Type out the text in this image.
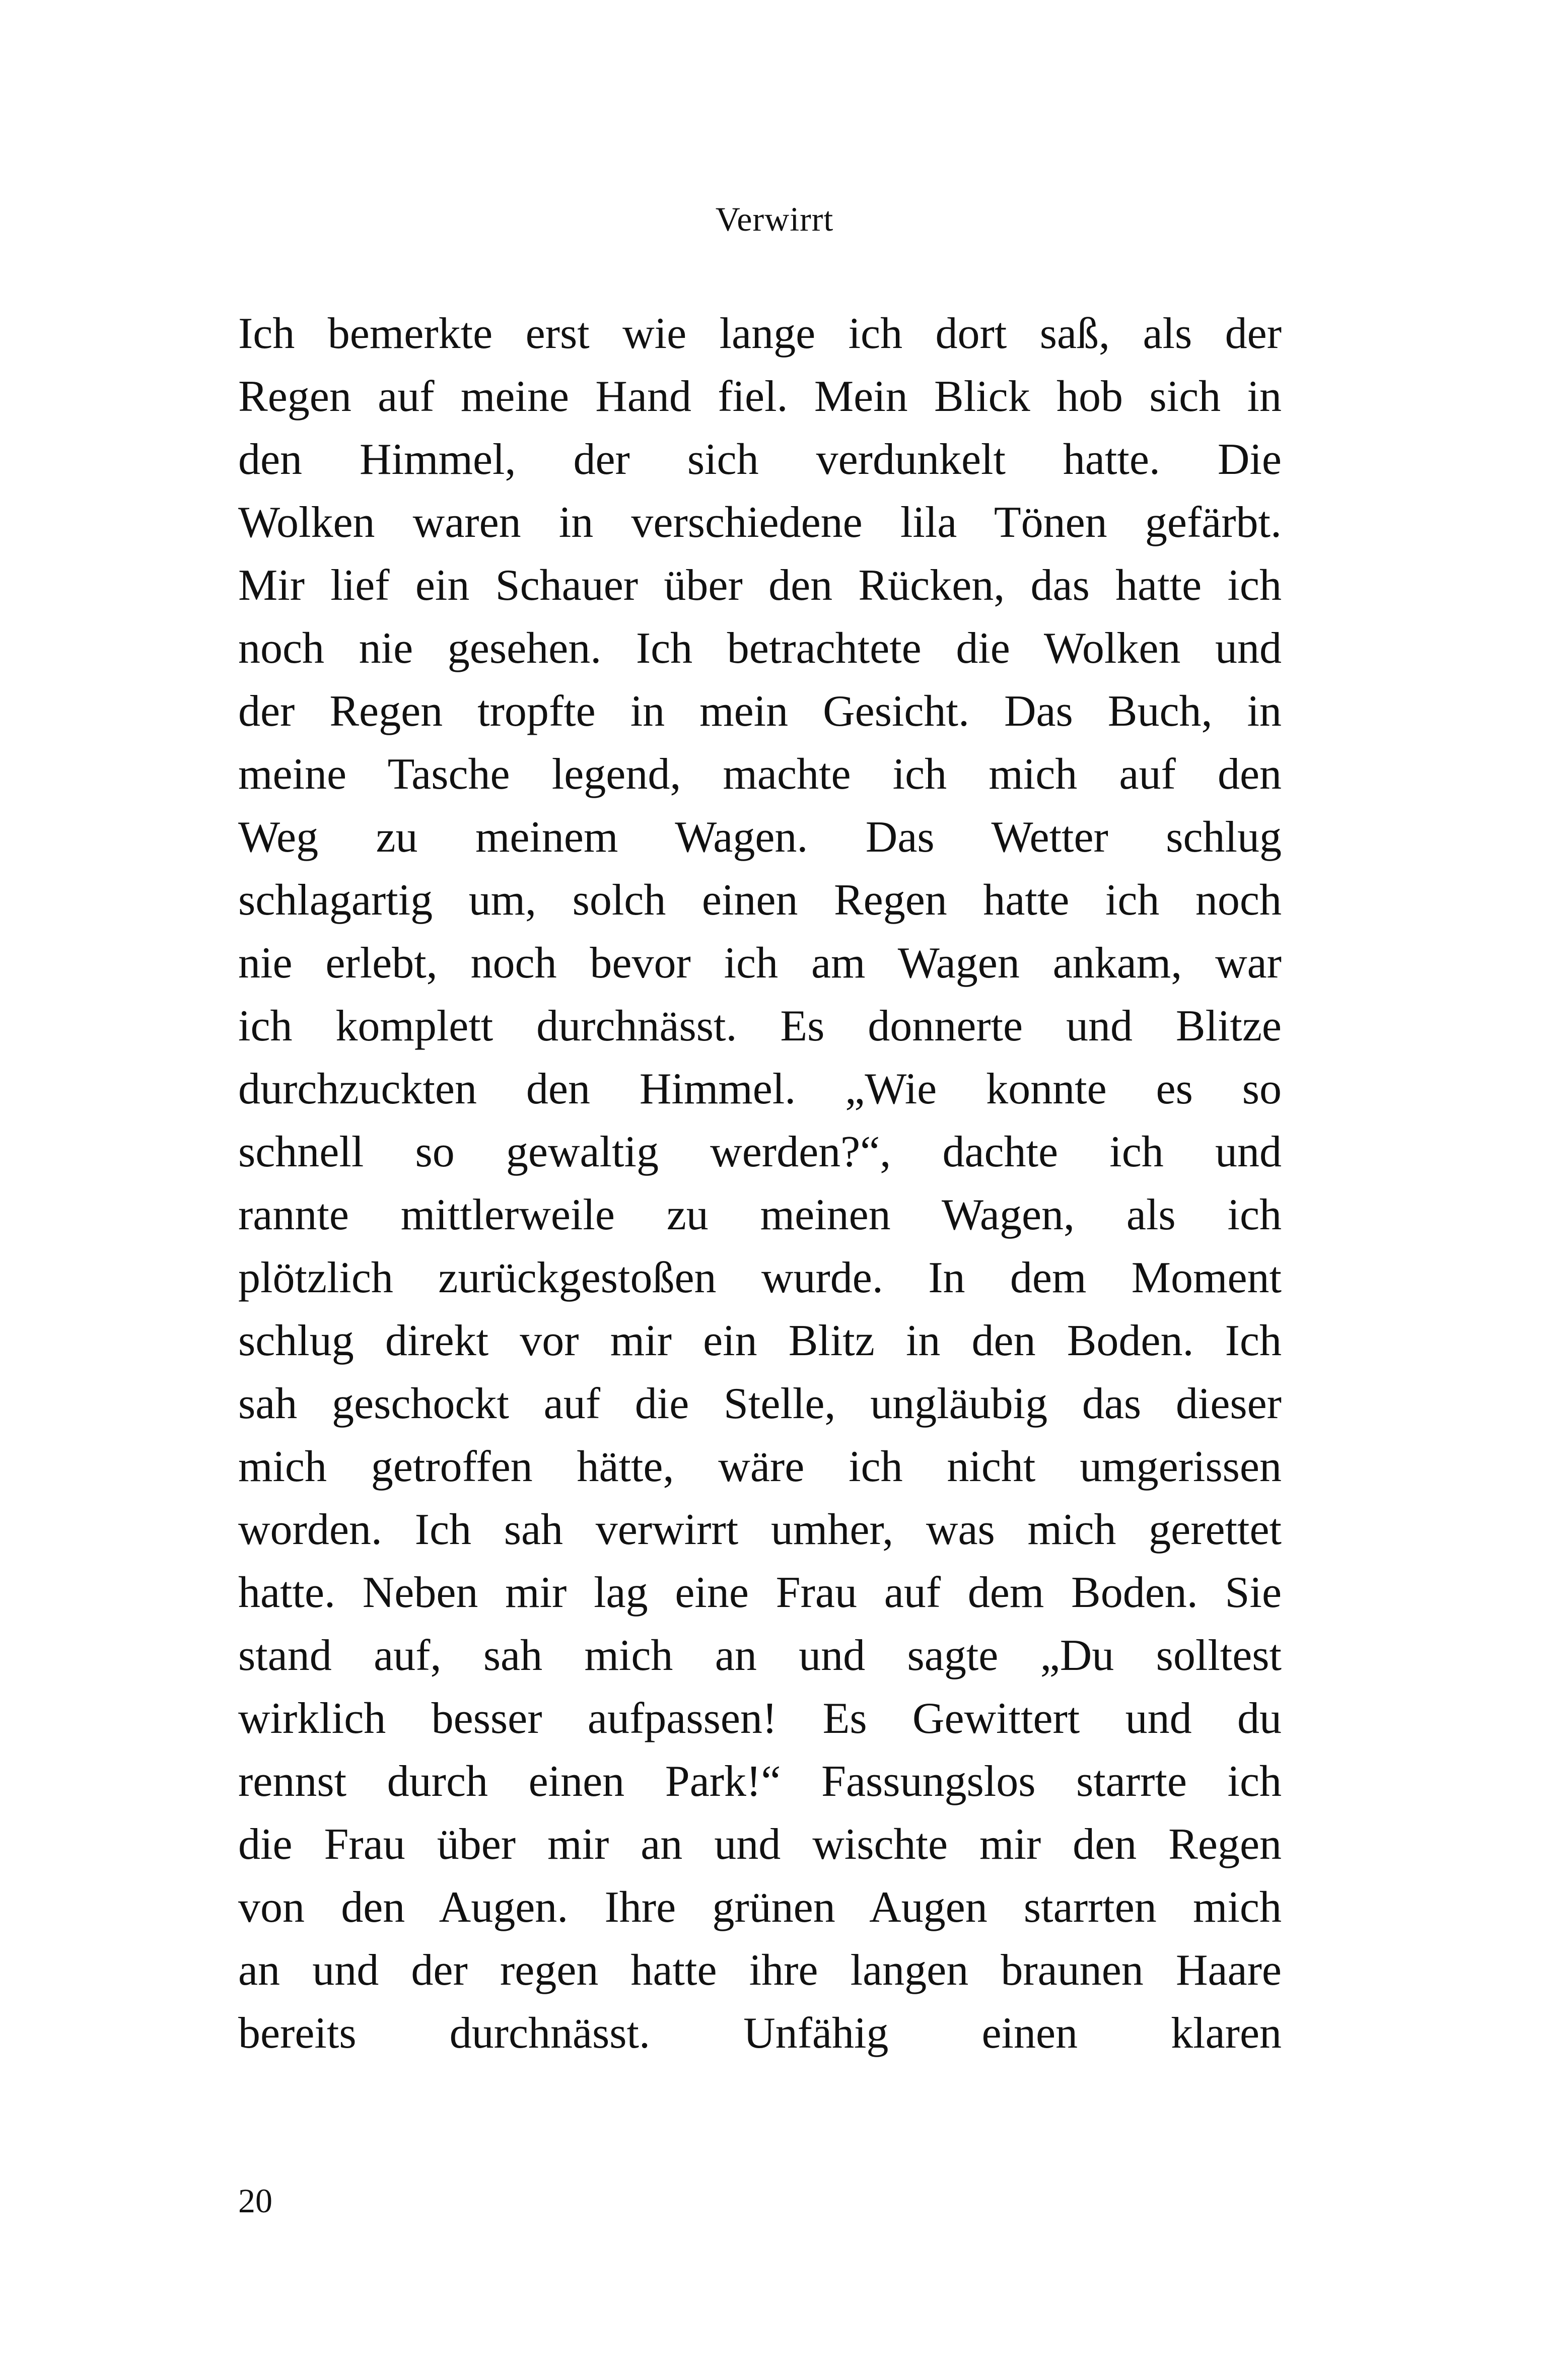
Verwirrt
Ich bemerkte erst wie lange ich dort saß, als der
Regen auf meine Hand fiel. Mein Blick hob sich in
den Himmel, der sich verdunkelt hatte. Die
Wolken waren in verschiedene lila Tönen gefärbt.
Mir lief ein Schauer über den Rücken, das hatte ich
noch nie gesehen. Ich betrachtete die Wolken und
der Regen tropfte in mein Gesicht. Das Buch, in
meine Tasche legend, machte ich mich auf den
Weg zu meinem Wagen. Das Wetter schlug
schlagartig um, solch einen Regen hatte ich noch
nie erlebt, noch bevor ich am Wagen ankam, war
ich komplett durchnässt. Es donnerte und Blitze
durchzuckten den Himmel. „Wie konnte es so
schnell so gewaltig werden?“, dachte ich und
rannte mittlerweile zu meinen Wagen, als ich
plötzlich zurückgestoßen wurde. In dem Moment
schlug direkt vor mir ein Blitz in den Boden. Ich
sah geschockt auf die Stelle, ungläubig das dieser
mich getroffen hätte, wäre ich nicht umgerissen
worden. Ich sah verwirrt umher, was mich gerettet
hatte. Neben mir lag eine Frau auf dem Boden. Sie
stand auf, sah mich an und sagte „Du solltest
wirklich besser aufpassen! Es Gewittert und du
rennst durch einen Park!“ Fassungslos starrte ich
die Frau über mir an und wischte mir den Regen
von den Augen. Ihre grünen Augen starrten mich
an und der regen hatte ihre langen braunen Haare
bereits durchnässt. Unfähig einen klaren
20
